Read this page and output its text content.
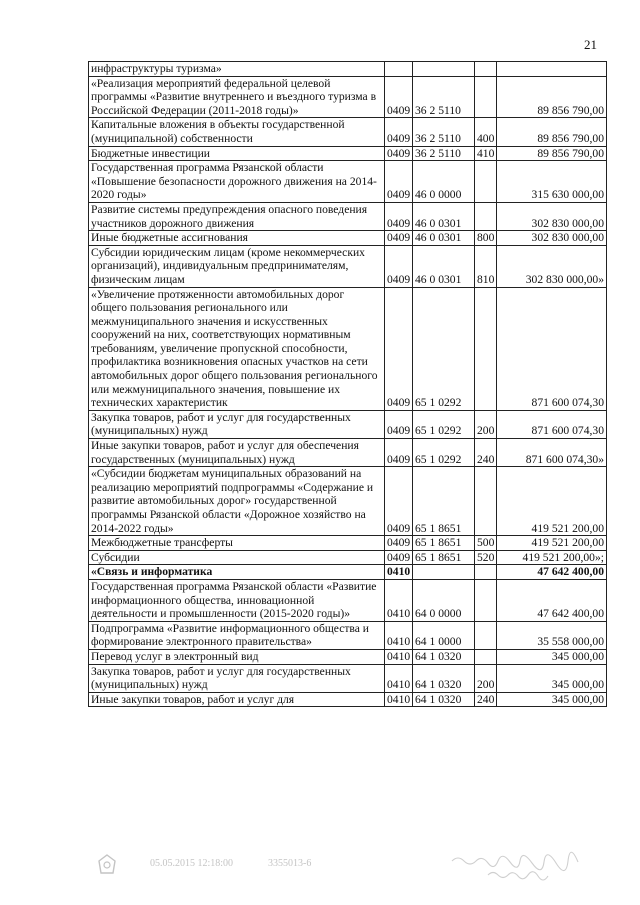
21
инфраструктуры туризма»				
«Реализация мероприятий федеральной целевой программы «Развитие внутреннего и въездного туризма в Российской Федерации (2011-2018 годы)»	0409	36 2 5110		89 856 790,00
Капитальные вложения в объекты государственной (муниципальной) собственности	0409	36 2 5110	400	89 856 790,00
Бюджетные инвестиции	0409	36 2 5110	410	89 856 790,00
Государственная программа Рязанской области «Повышение безопасности дорожного движения на 2014-2020 годы»	0409	46 0 0000		315 630 000,00
Развитие системы предупреждения опасного поведения участников дорожного движения	0409	46 0 0301		302 830 000,00
Иные бюджетные ассигнования	0409	46 0 0301	800	302 830 000,00
Субсидии юридическим лицам (кроме некоммерческих организаций), индивидуальным предпринимателям, физическим лицам	0409	46 0 0301	810	302 830 000,00»
«Увеличение протяженности автомобильных дорог общего пользования регионального или межмуниципального значения и искусственных сооружений на них, соответствующих нормативным требованиям, увеличение пропускной способности, профилактика возникновения опасных участков на сети автомобильных дорог общего пользования регионального или межмуниципального значения, повышение их технических характеристик	0409	65 1 0292		871 600 074,30
Закупка товаров, работ и услуг для государственных (муниципальных) нужд	0409	65 1 0292	200	871 600 074,30
Иные закупки товаров, работ и услуг для обеспечения государственных (муниципальных) нужд	0409	65 1 0292	240	871 600 074,30»
«Субсидии бюджетам муниципальных образований на реализацию мероприятий подпрограммы «Содержание и развитие автомобильных дорог» государственной программы Рязанской области «Дорожное хозяйство на 2014-2022 годы»	0409	65 1 8651		419 521 200,00
Межбюджетные трансферты	0409	65 1 8651	500	419 521 200,00
Субсидии	0409	65 1 8651	520	419 521 200,00»;
«Связь и информатика	0410			47 642 400,00
Государственная программа Рязанской области «Развитие информационного общества, инновационной деятельности и промышленности (2015-2020 годы)»	0410	64 0 0000		47 642 400,00
Подпрограмма «Развитие информационного общества и формирование электронного правительства»	0410	64 1 0000		35 558 000,00
Перевод услуг в электронный вид	0410	64 1 0320		345 000,00
Закупка товаров, работ и услуг для государственных (муниципальных) нужд	0410	64 1 0320	200	345 000,00
Иные закупки товаров, работ и услуг для	0410	64 1 0320	240	345 000,00
05.05.2015 12:18:00	3355013-6
